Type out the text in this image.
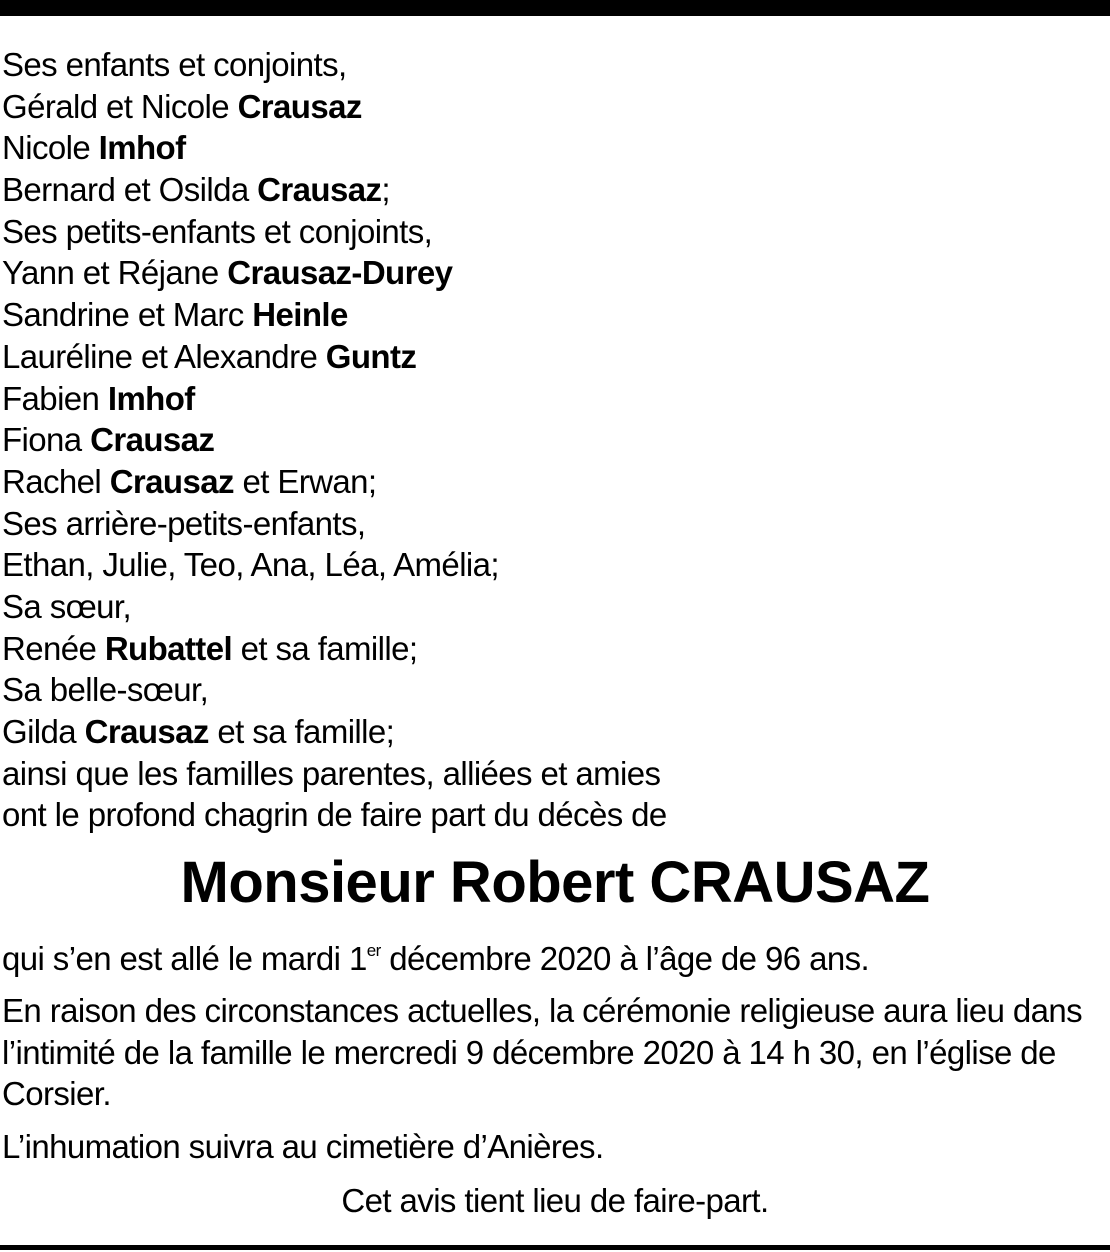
Ses enfants et conjoints,
Gérald et Nicole Crausaz
Nicole Imhof
Bernard et Osilda Crausaz;
Ses petits-enfants et conjoints,
Yann et Réjane Crausaz-Durey
Sandrine et Marc Heinle
Lauréline et Alexandre Guntz
Fabien Imhof
Fiona Crausaz
Rachel Crausaz et Erwan;
Ses arrière-petits-enfants,
Ethan, Julie, Teo, Ana, Léa, Amélia;
Sa sœur,
Renée Rubattel et sa famille;
Sa belle-sœur,
Gilda Crausaz et sa famille;
ainsi que les familles parentes, alliées et amies
ont le profond chagrin de faire part du décès de
Monsieur Robert CRAUSAZ
qui s’en est allé le mardi 1er décembre 2020 à l’âge de 96 ans.
En raison des circonstances actuelles, la cérémonie religieuse aura lieu dans l’intimité de la famille le mercredi 9 décembre 2020 à 14 h 30, en l’église de Corsier.
L’inhumation suivra au cimetière d’Anières.
Cet avis tient lieu de faire-part.
